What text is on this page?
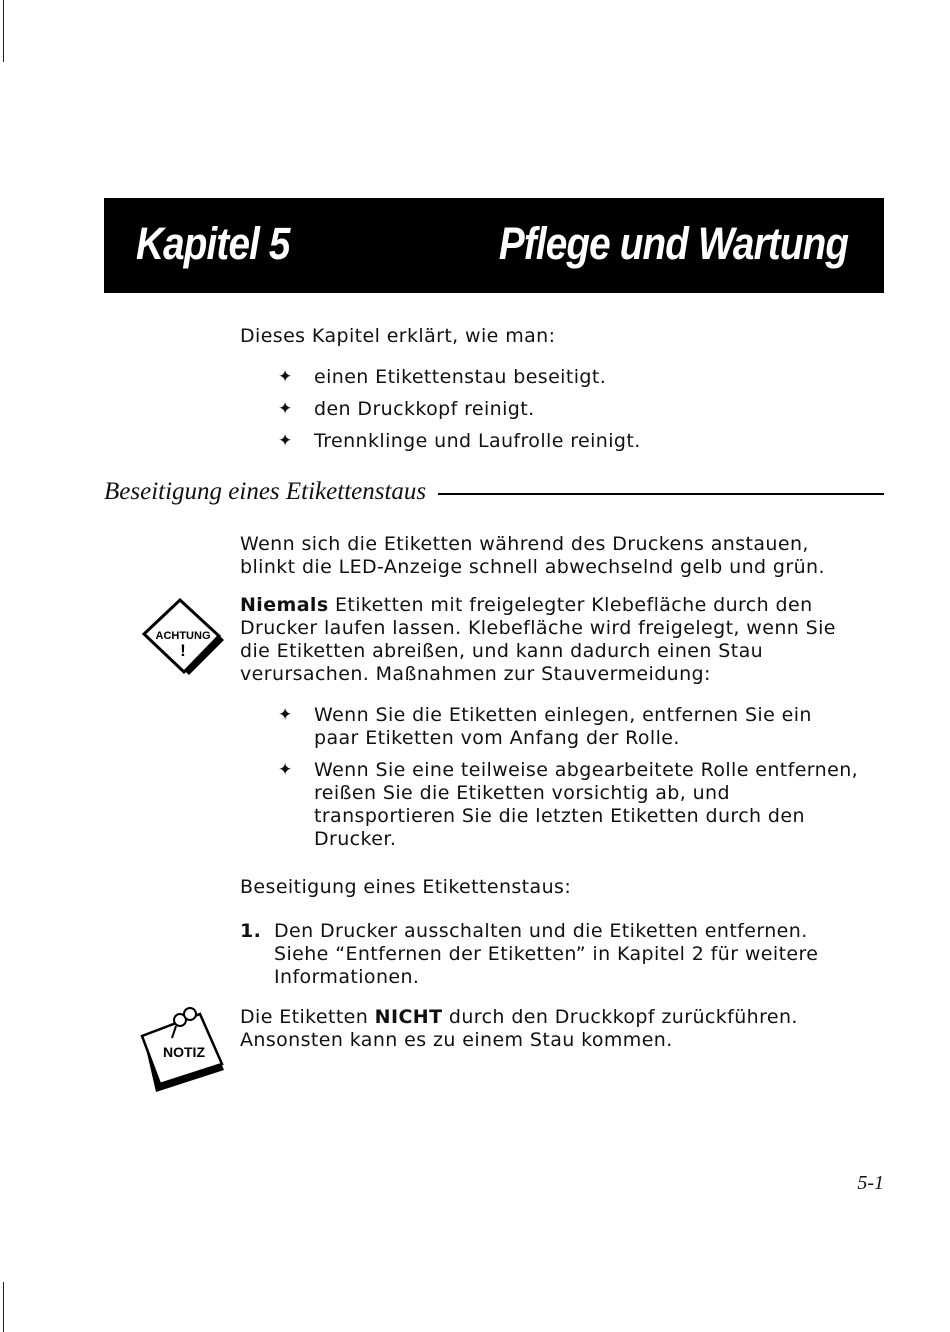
Kapitel 5	Pflege und Wartung

Dieses Kapitel erklärt, wie man:

✦ einen Etikettenstau beseitigt.
✦ den Druckkopf reinigt.
✦ Trennklinge und Laufrolle reinigt.
Beseitigung eines Etikettenstaus

Wenn sich die Etiketten während des Druckens anstauen,
blinkt die LED-Anzeige schnell abwechselnd gelb und grün.

ACHTUNG
!

Niemals Etiketten mit freigelegter Klebefläche durch den
Drucker laufen lassen. Klebefläche wird freigelegt, wenn Sie
die Etiketten abreißen, und kann dadurch einen Stau
verursachen. Maßnahmen zur Stauvermeidung:

✦ Wenn Sie die Etiketten einlegen, entfernen Sie ein
paar Etiketten vom Anfang der Rolle.
✦ Wenn Sie eine teilweise abgearbeitete Rolle entfernen,
reißen Sie die Etiketten vorsichtig ab, und
transportieren Sie die letzten Etiketten durch den
Drucker.

Beseitigung eines Etikettenstaus:

1. Den Drucker ausschalten und die Etiketten entfernen.
Siehe “Entfernen der Etiketten” in Kapitel 2 für weitere
Informationen.
NOTIZ

Die Etiketten NICHT durch den Druckkopf zurückführen.
Ansonsten kann es zu einem Stau kommen.

5-1
